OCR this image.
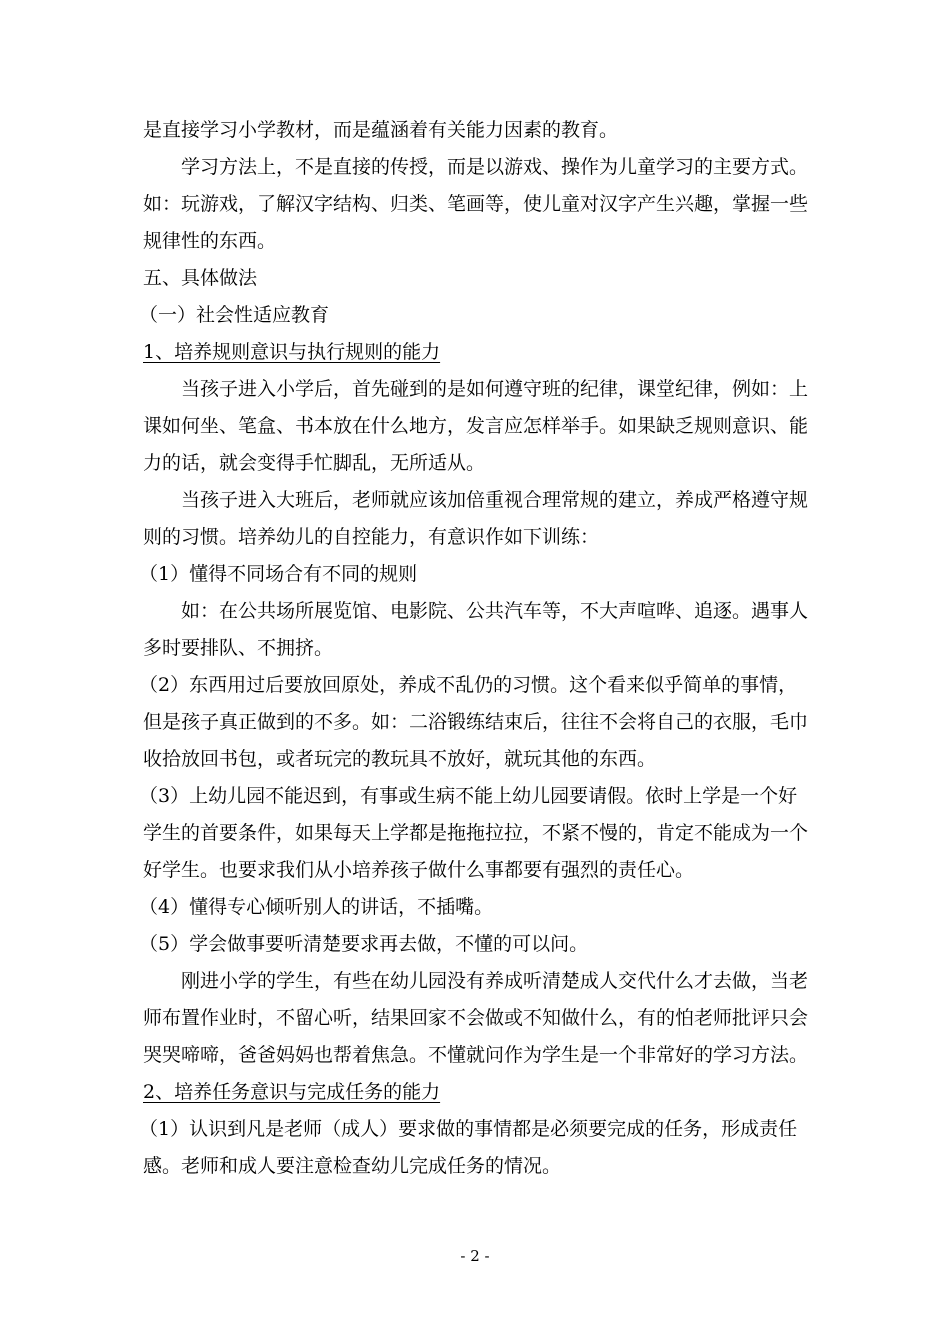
是直接学习小学教材，而是蕴涵着有关能力因素的教育。
学习方法上，不是直接的传授，而是以游戏、操作为儿童学习的主要方式。
如：玩游戏，了解汉字结构、归类、笔画等，使儿童对汉字产生兴趣，掌握一些
规律性的东西。
五、具体做法
（一）社会性适应教育
1、培养规则意识与执行规则的能力
当孩子进入小学后，首先碰到的是如何遵守班的纪律，课堂纪律，例如：上
课如何坐、笔盒、书本放在什么地方，发言应怎样举手。如果缺乏规则意识、能
力的话，就会变得手忙脚乱，无所适从。
当孩子进入大班后，老师就应该加倍重视合理常规的建立，养成严格遵守规
则的习惯。培养幼儿的自控能力，有意识作如下训练：
（1）懂得不同场合有不同的规则
如：在公共场所展览馆、电影院、公共汽车等，不大声喧哗、追逐。遇事人
多时要排队、不拥挤。
（2）东西用过后要放回原处，养成不乱仍的习惯。这个看来似乎简单的事情，
但是孩子真正做到的不多。如：二浴锻练结束后，往往不会将自己的衣服，毛巾
收拾放回书包，或者玩完的教玩具不放好，就玩其他的东西。
（3）上幼儿园不能迟到，有事或生病不能上幼儿园要请假。依时上学是一个好
学生的首要条件，如果每天上学都是拖拖拉拉，不紧不慢的，肯定不能成为一个
好学生。也要求我们从小培养孩子做什么事都要有强烈的责任心。
（4）懂得专心倾听别人的讲话，不插嘴。
（5）学会做事要听清楚要求再去做，不懂的可以问。
刚进小学的学生，有些在幼儿园没有养成听清楚成人交代什么才去做，当老
师布置作业时，不留心听，结果回家不会做或不知做什么，有的怕老师批评只会
哭哭啼啼，爸爸妈妈也帮着焦急。不懂就问作为学生是一个非常好的学习方法。
2、培养任务意识与完成任务的能力
（1）认识到凡是老师（成人）要求做的事情都是必须要完成的任务，形成责任
感。老师和成人要注意检查幼儿完成任务的情况。
- 2 -
